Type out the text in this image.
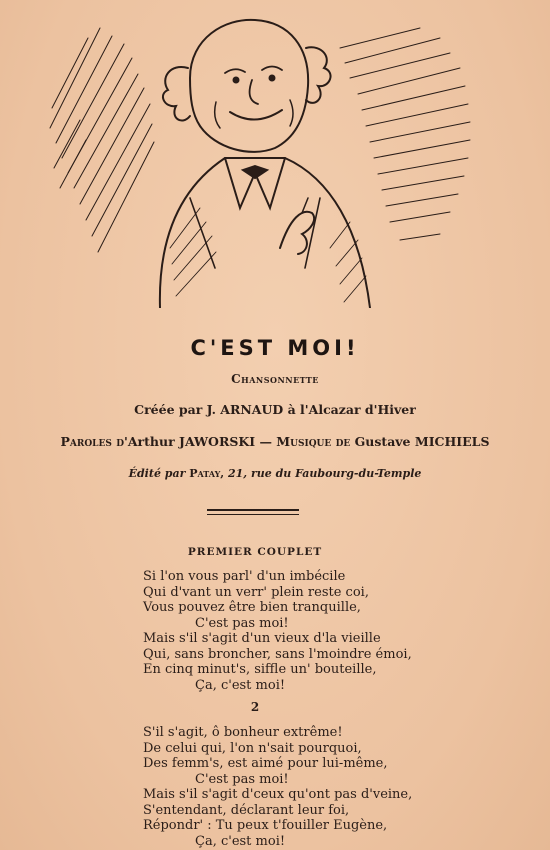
C'EST MOI!
Chansonnette
Créée par J. ARNAUD à l'Alcazar d'Hiver
Paroles d'Arthur JAWORSKI — Musique de Gustave MICHIELS
Édité par Patay, 21, rue du Faubourg-du-Temple
PREMIER COUPLET
Si l'on vous parl' d'un imbécile
Qui d'vant un verr' plein reste coi,
Vous pouvez être bien tranquille,
C'est pas moi!
Mais s'il s'agit d'un vieux d'la vieille
Qui, sans broncher, sans l'moindre émoi,
En cinq minut's, siffle un' bouteille,
Ça, c'est moi!
2
S'il s'agit, ô bonheur extrême!
De celui qui, l'on n'sait pourquoi,
Des femm's, est aimé pour lui-même,
C'est pas moi!
Mais s'il s'agit d'ceux qu'ont pas d'veine,
S'entendant, déclarant leur foi,
Répondr' : Tu peux t'fouiller Eugène,
Ça, c'est moi!
